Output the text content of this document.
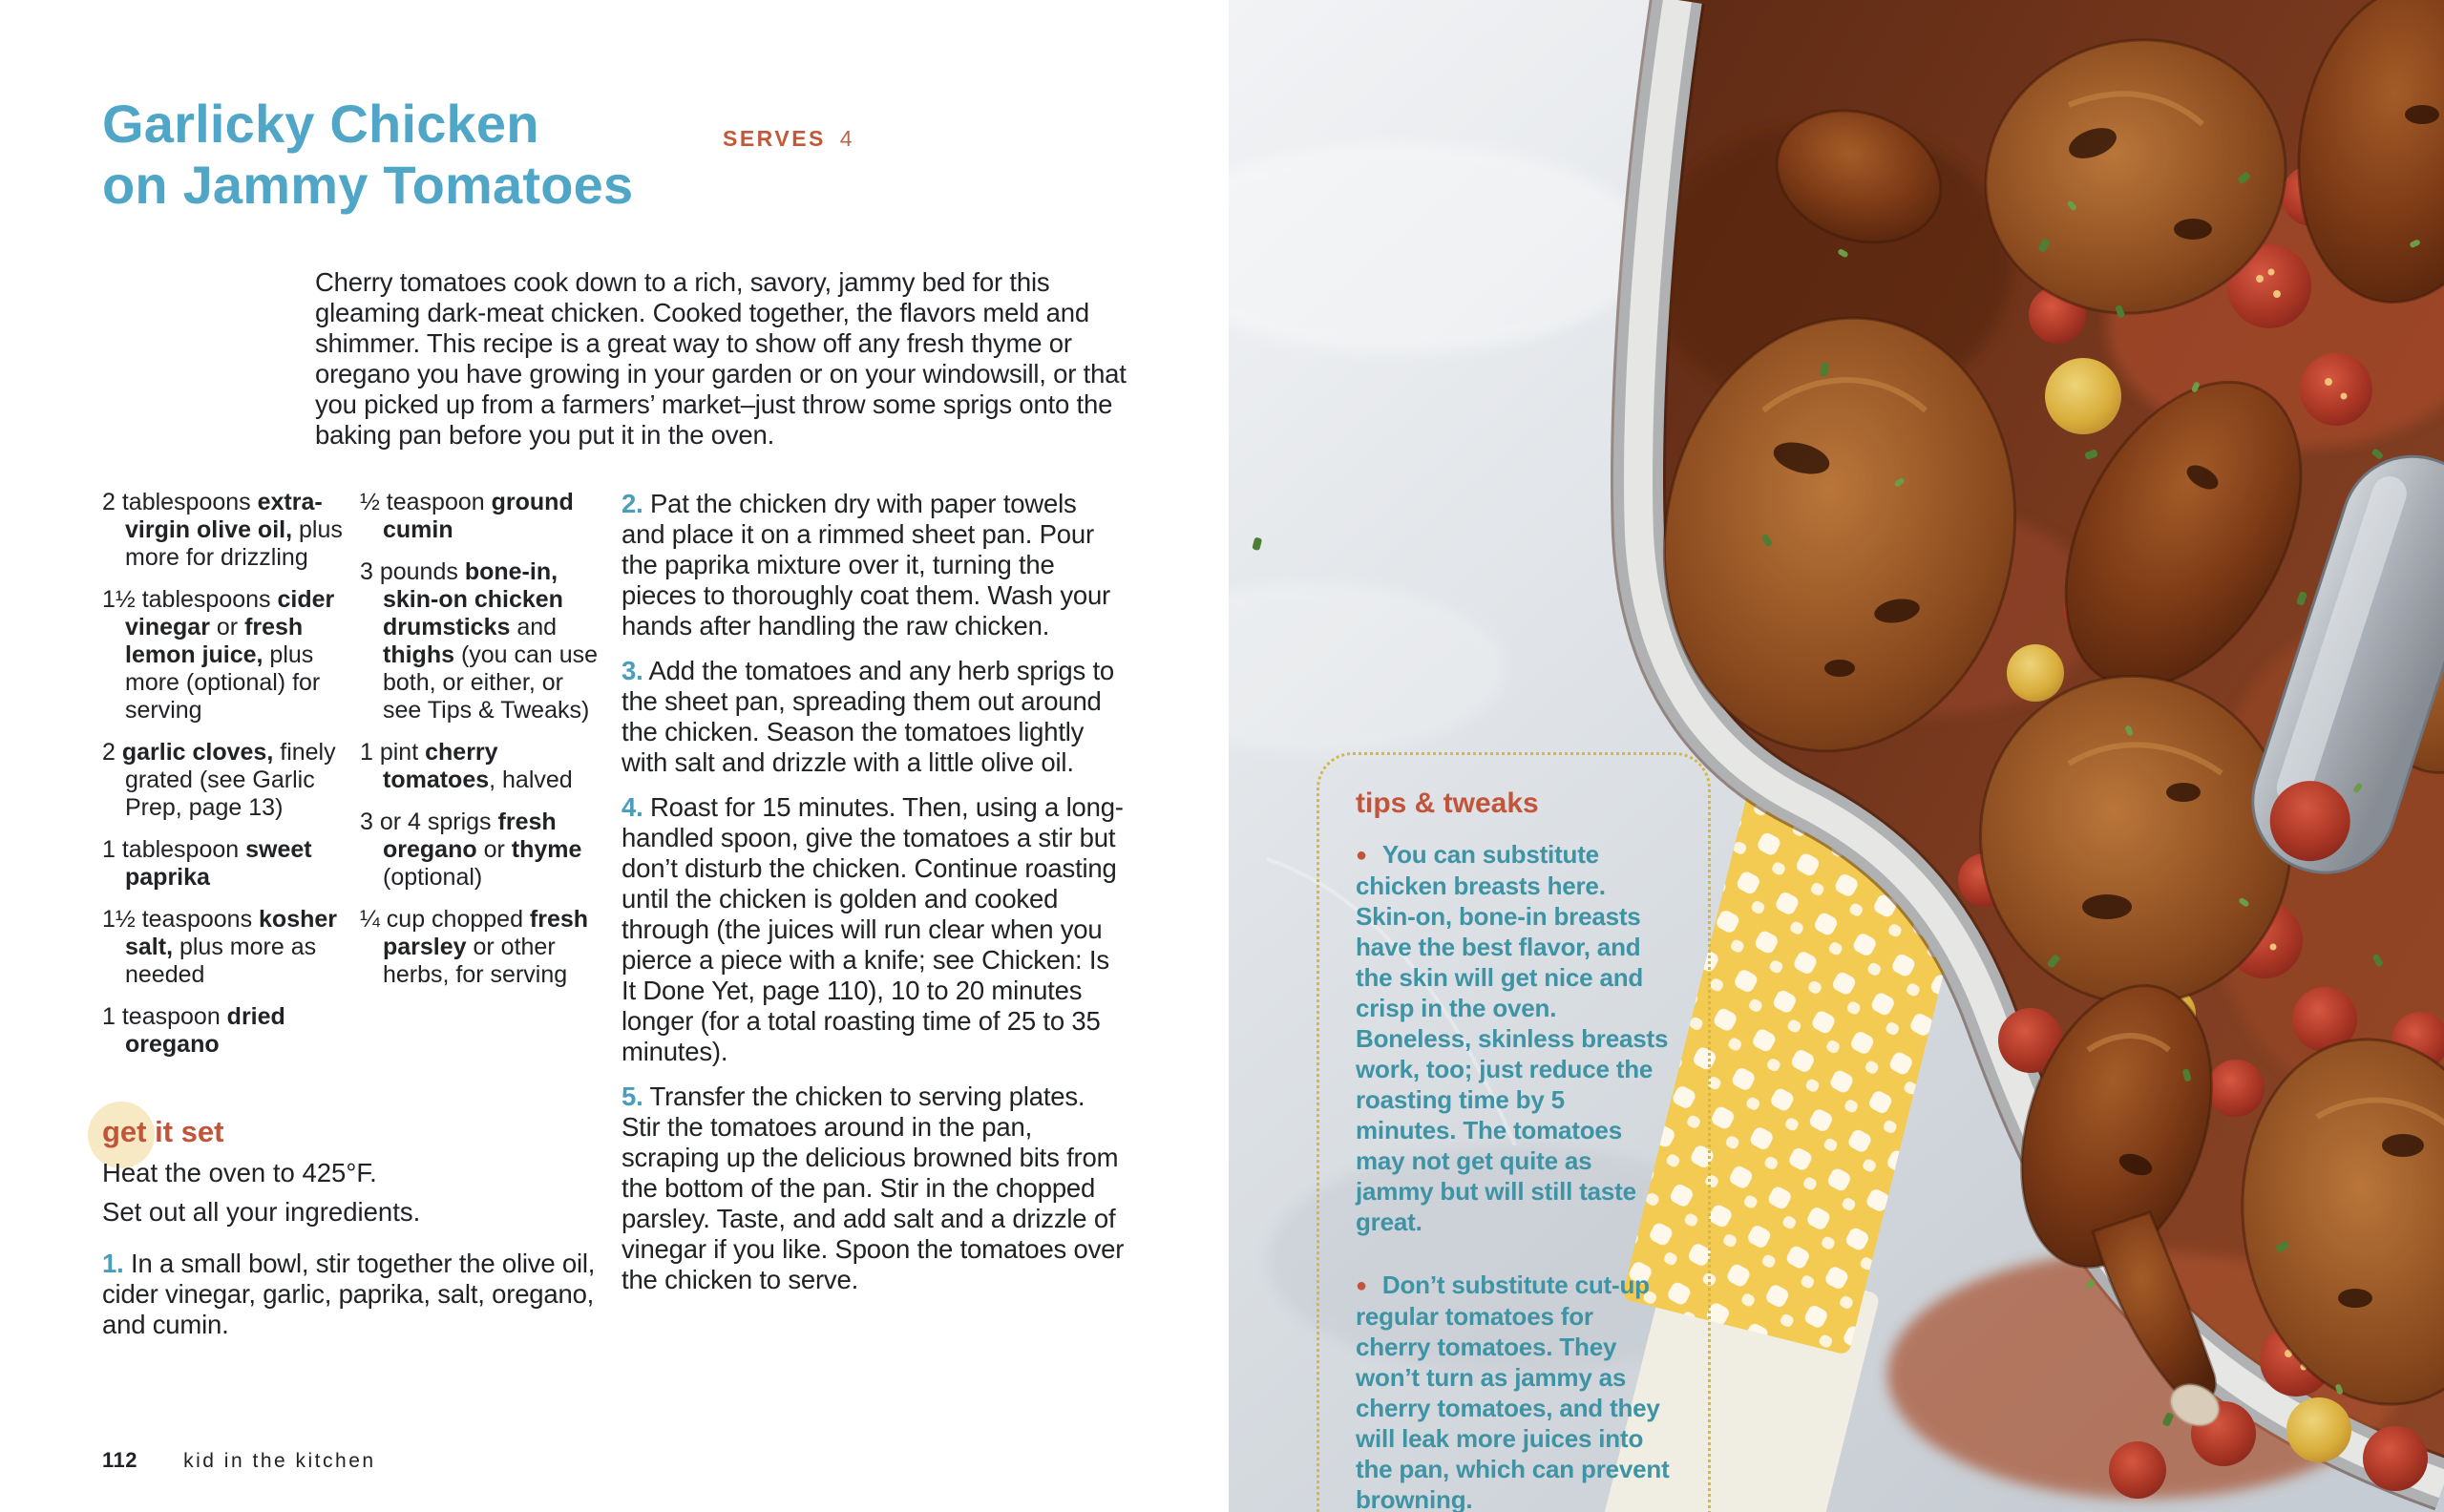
Garlicky Chicken
on Jammy Tomatoes
SERVES 4

Cherry tomatoes cook down to a rich, savory, jammy bed for this gleaming dark-meat chicken. Cooked together, the flavors meld and shimmer. This recipe is a great way to show off any fresh thyme or oregano you have growing in your garden or on your windowsill, or that you picked up from a farmers’ market–just throw some sprigs onto the baking pan before you put it in the oven.

2 tablespoons extra-virgin olive oil, plus more for drizzling

1½ tablespoons cider vinegar or fresh lemon juice, plus more (optional) for serving

2 garlic cloves, finely grated (see Garlic Prep, page 13)

1 tablespoon sweet paprika

1½ teaspoons kosher salt, plus more as needed

1 teaspoon dried oregano

½ teaspoon ground cumin

3 pounds bone-in, skin-on chicken drumsticks and thighs (you can use both, or either, or see Tips & Tweaks)

1 pint cherry tomatoes, halved

3 or 4 sprigs fresh oregano or thyme (optional)

¼ cup chopped fresh parsley or other herbs, for serving

2. Pat the chicken dry with paper towels and place it on a rimmed sheet pan. Pour the paprika mixture over it, turning the pieces to thoroughly coat them. Wash your hands after handling the raw chicken.

3. Add the tomatoes and any herb sprigs to the sheet pan, spreading them out around the chicken. Season the tomatoes lightly with salt and drizzle with a little olive oil.

4. Roast for 15 minutes. Then, using a long-handled spoon, give the tomatoes a stir but don’t disturb the chicken. Continue roasting until the chicken is golden and cooked through (the juices will run clear when you pierce a piece with a knife; see Chicken: Is It Done Yet, page 110), 10 to 20 minutes longer (for a total roasting time of 25 to 35 minutes).

5. Transfer the chicken to serving plates. Stir the tomatoes around in the pan, scraping up the delicious browned bits from the bottom of the pan. Stir in the chopped parsley. Taste, and add salt and a drizzle of vinegar if you like. Spoon the tomatoes over the chicken to serve.

get it set

Heat the oven to 425°F.

Set out all your ingredients.

1. In a small bowl, stir together the olive oil, cider vinegar, garlic, paprika, salt, oregano, and cumin.

112 kid in the kitchen

tips & tweaks

● You can substitute chicken breasts here. Skin-on, bone-in breasts have the best flavor, and the skin will get nice and crisp in the oven. Boneless, skinless breasts work, too; just reduce the roasting time by 5 minutes. The tomatoes may not get quite as jammy but will still taste great.

● Don’t substitute cut-up regular tomatoes for cherry tomatoes. They won’t turn as jammy as cherry tomatoes, and they will leak more juices into the pan, which can prevent browning.
